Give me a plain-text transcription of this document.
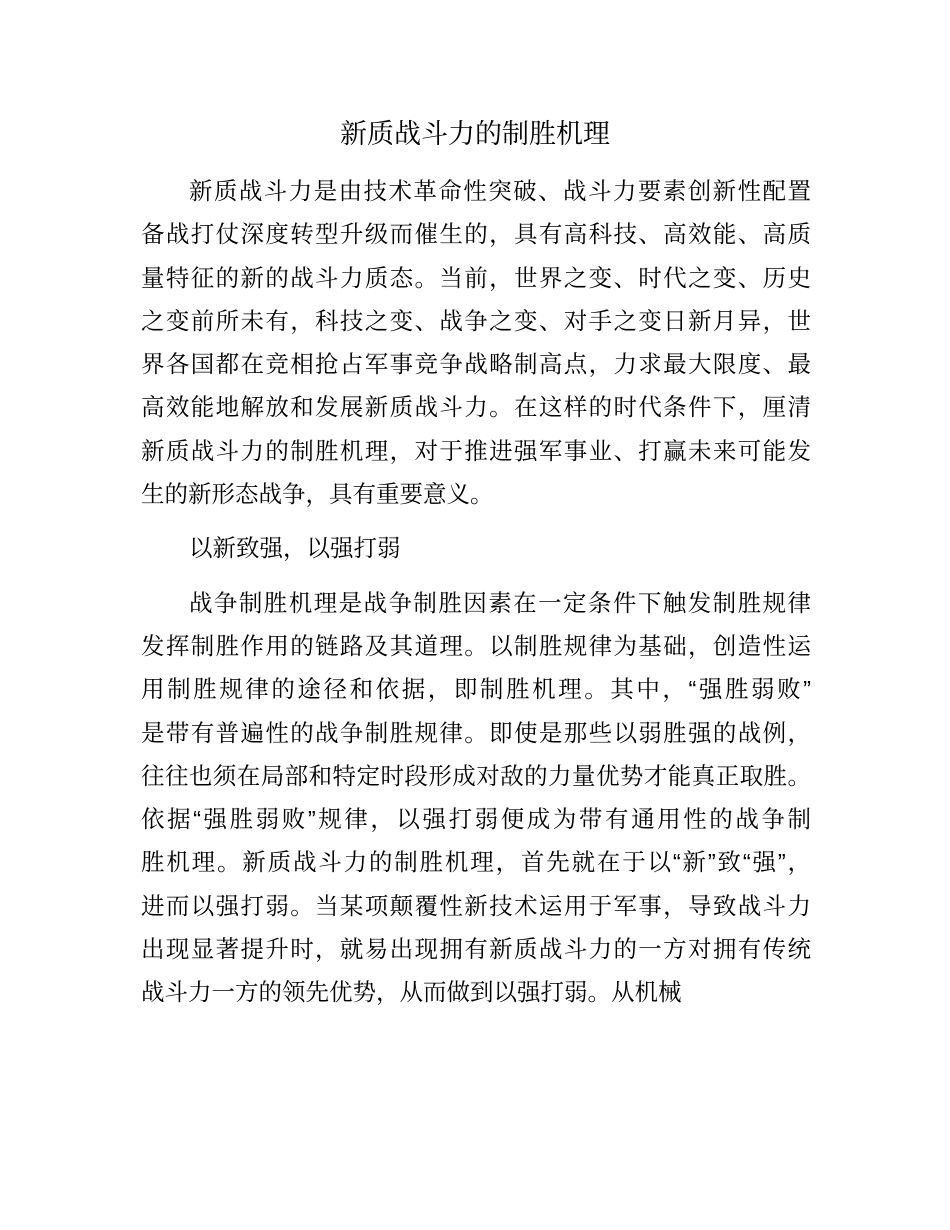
新质战斗力的制胜机理
新质战斗力是由技术革命性突破、战斗力要素创新性配置
备战打仗深度转型升级而催生的，具有高科技、高效能、高质
量特征的新的战斗力质态。当前，世界之变、时代之变、历史
之变前所未有，科技之变、战争之变、对手之变日新月异，世
界各国都在竞相抢占军事竞争战略制高点，力求最大限度、最
高效能地解放和发展新质战斗力。在这样的时代条件下，厘清
新质战斗力的制胜机理，对于推进强军事业、打赢未来可能发
生的新形态战争，具有重要意义。
以新致强，以强打弱
战争制胜机理是战争制胜因素在一定条件下触发制胜规律
发挥制胜作用的链路及其道理。以制胜规律为基础，创造性运
用制胜规律的途径和依据，即制胜机理。其中，“强胜弱败”
是带有普遍性的战争制胜规律。即使是那些以弱胜强的战例，
往往也须在局部和特定时段形成对敌的力量优势才能真正取胜。
依据“强胜弱败”规律，以强打弱便成为带有通用性的战争制
胜机理。新质战斗力的制胜机理，首先就在于以“新”致“强”，
进而以强打弱。当某项颠覆性新技术运用于军事，导致战斗力
出现显著提升时，就易出现拥有新质战斗力的一方对拥有传统
战斗力一方的领先优势，从而做到以强打弱。从机械
